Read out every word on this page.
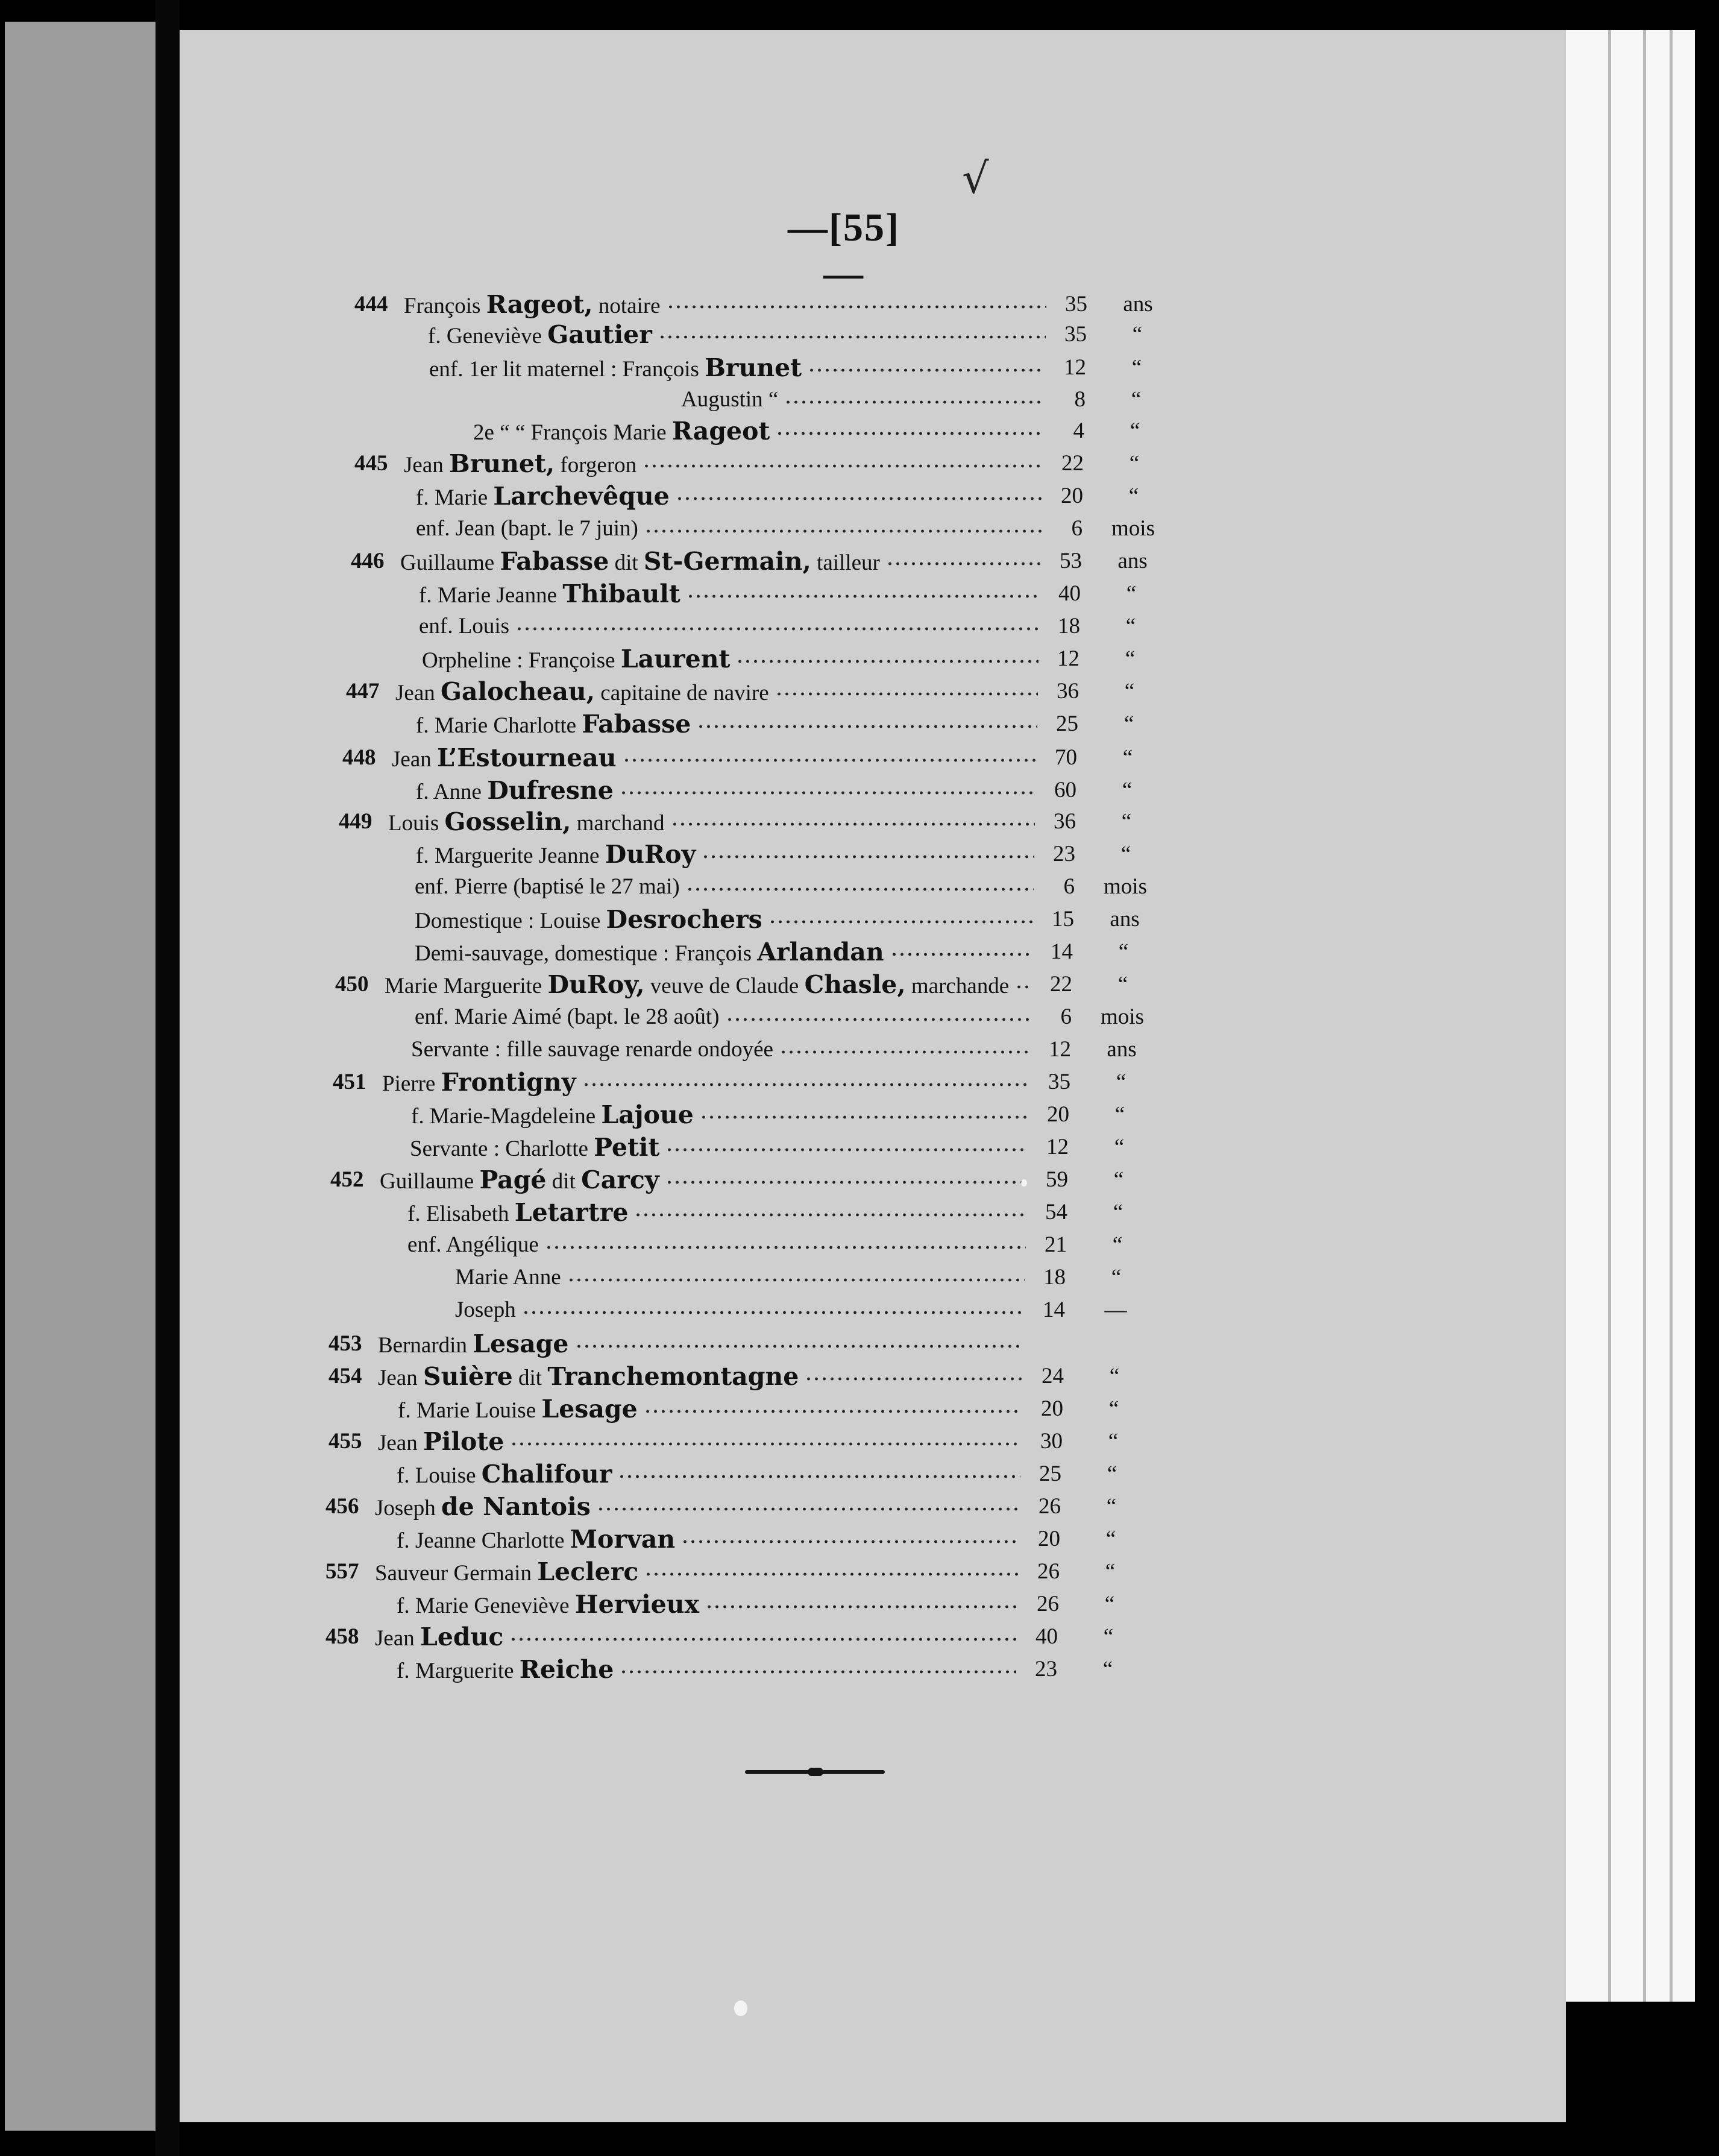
√
—[55]—
444 François Rageot, notaire	35	ans
f. Geneviève Gautier	35	“
enf. 1er lit maternel : François Brunet	12	“
Augustin “	8	“
2e “ “ François Marie Rageot	4	“
445 Jean Brunet, forgeron	22	“
f. Marie Larchevêque	20	“
enf. Jean (bapt. le 7 juin)	6	mois
446 Guillaume Fabasse dit St-Germain, tailleur	53	ans
f. Marie Jeanne Thibault	40	“
enf. Louis	18	“
Orpheline : Françoise Laurent	12	“
447 Jean Galocheau, capitaine de navire	36	“
f. Marie Charlotte Fabasse	25	“
448 Jean L’Estourneau	70	“
f. Anne Dufresne	60	“
449 Louis Gosselin, marchand	36	“
f. Marguerite Jeanne DuRoy	23	“
enf. Pierre (baptisé le 27 mai)	6	mois
Domestique : Louise Desrochers	15	ans
Demi-sauvage, domestique : François Arlandan	14	“
450 Marie Marguerite DuRoy, veuve de Claude Chasle, marchande	22	“
enf. Marie Aimé (bapt. le 28 août)	6	mois
Servante : fille sauvage renarde ondoyée	12	ans
451 Pierre Frontigny	35	“
f. Marie-Magdeleine Lajoue	20	“
Servante : Charlotte Petit	12	“
452 Guillaume Pagé dit Carcy	59	“
f. Elisabeth Letartre	54	“
enf. Angélique	21	“
Marie Anne	18	“
Joseph	14	—
453 Bernardin Lesage
454 Jean Suière dit Tranchemontagne	24	“
f. Marie Louise Lesage	20	“
455 Jean Pilote	30	“
f. Louise Chalifour	25	“
456 Joseph de Nantois	26	“
f. Jeanne Charlotte Morvan	20	“
557 Sauveur Germain Leclerc	26	“
f. Marie Geneviève Hervieux	26	“
458 Jean Leduc	40	“
f. Marguerite Reiche	23	“
